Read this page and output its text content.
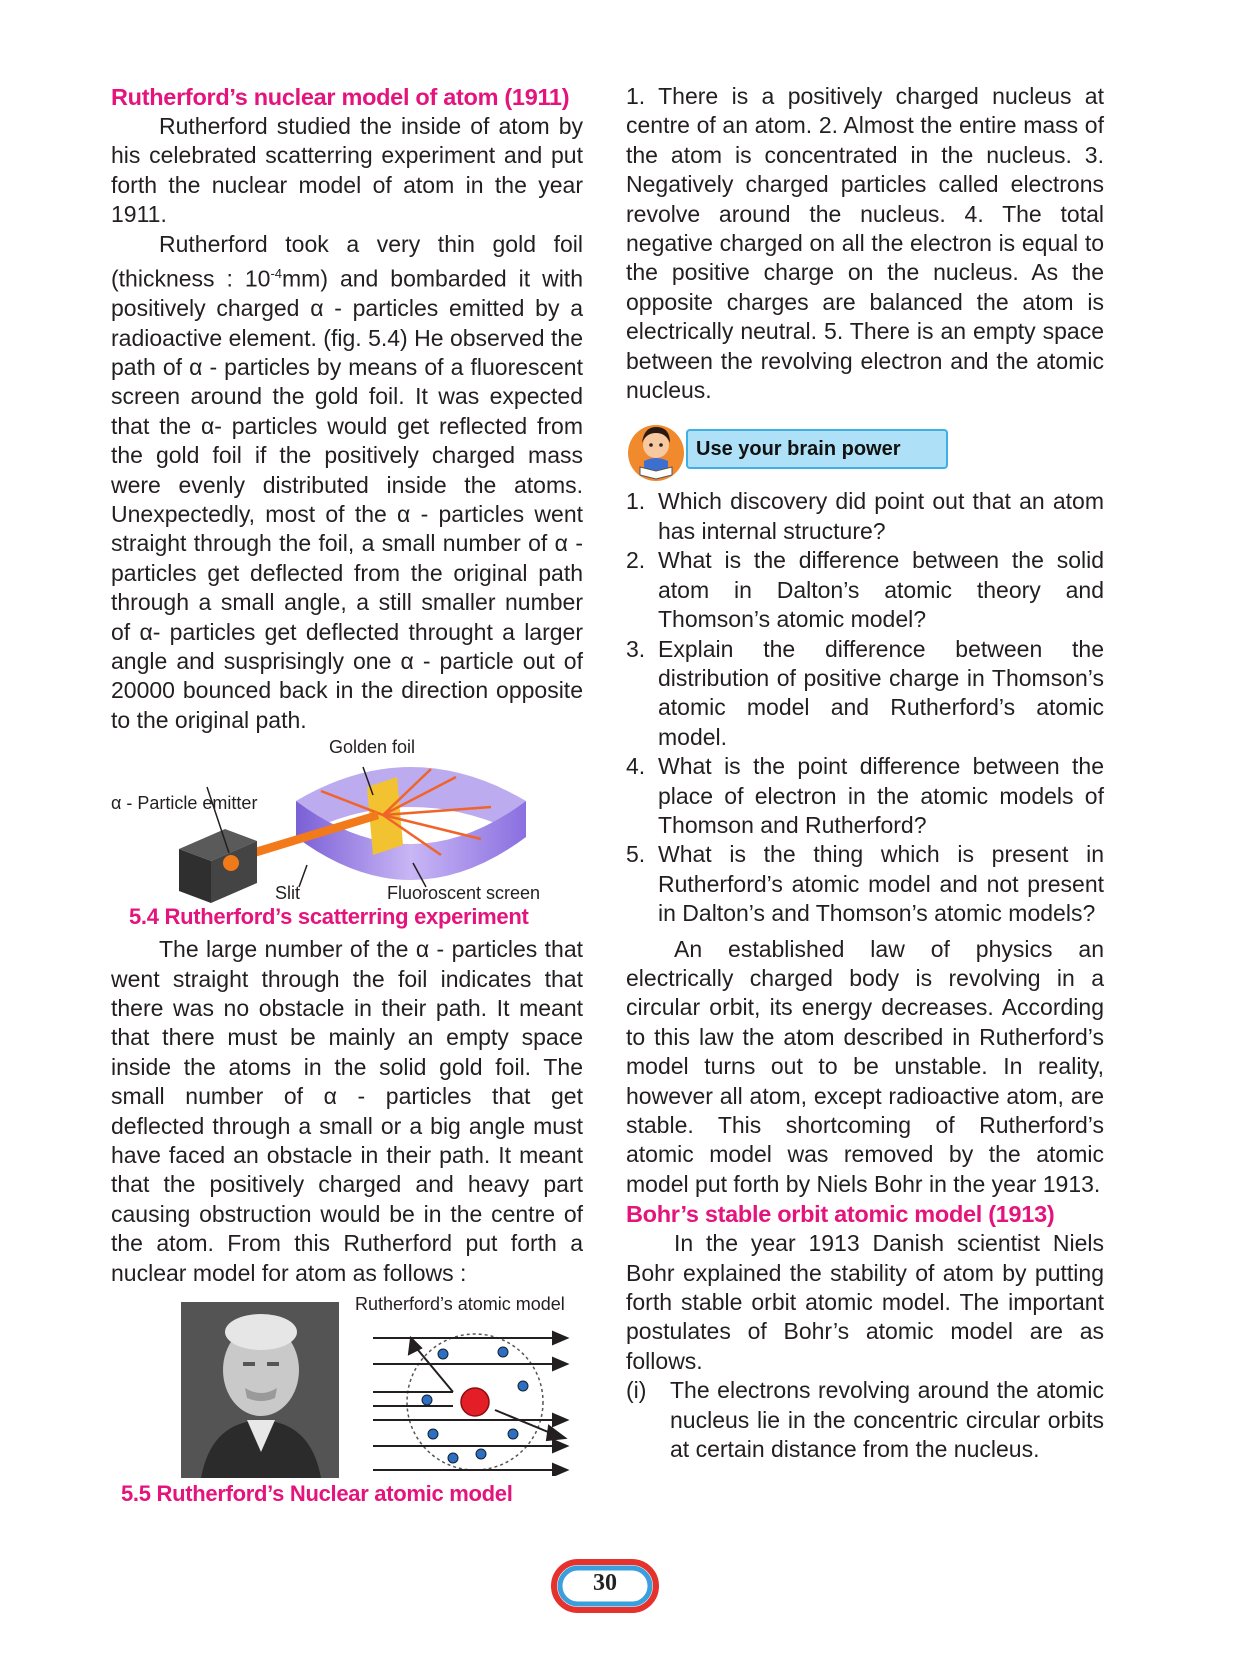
Rutherford’s nuclear model of atom (1911)

Rutherford studied the inside of atom by his celebrated scatterring experiment and put forth the nuclear model of atom in the year 1911.

Rutherford took a very thin gold foil (thickness : $10^{-4}mm$) and bombarded it with positively charged α - particles emitted by a radioactive element. (fig. 5.4) He observed the path of α - particles by means of a fluorescent screen around the gold foil. It was expected that the α- particles would get reflected from the gold foil if the positively charged mass were evenly distributed inside the atoms. Unexpectedly, most of the α - particles went straight through the foil, a small number of α - particles get deflected from the original path through a small angle, a still smaller number of α- particles get deflected throught a larger angle and susprisingly one α - particle out of 20000 bounced back in the direction opposite to the original path.

Golden foil
α - Particle emitter
Slit	Fluoroscent screen

5.4 Rutherford’s scatterring experiment

The large number of the α - particles that went straight through the foil indicates that there was no obstacle in their path. It meant that there must be mainly an empty space inside the atoms in the solid gold foil. The small number of α - particles that get deflected through a small or a big angle must have faced an obstacle in their path. It meant that the positively charged and heavy part causing obstruction would be in the centre of the atom. From this Rutherford put forth a nuclear model for atom as follows :

Rutherford’s atomic model

5.5 Rutherford’s Nuclear atomic model

1. There is a positively charged nucleus at centre of an atom. 2. Almost the entire mass of the atom is concentrated in the nucleus. 3. Negatively charged particles called electrons revolve around the nucleus. 4. The total negative charged on all the electron is equal to the positive charge on the nucleus. As the opposite charges are balanced the atom is electrically neutral. 5. There is an empty space between the revolving electron and the atomic nucleus.

Use your brain power
1. Which discovery did point out that an atom has internal structure?
2. What is the difference between the solid atom in Dalton’s atomic theory and Thomson’s atomic model?
3. Explain the difference between the distribution of positive charge in Thomson’s atomic model and Rutherford’s atomic model.
4. What is the point difference between the place of electron in the atomic models of Thomson and Rutherford?
5. What is the thing which is present in Rutherford’s atomic model and not present in Dalton’s and Thomson’s atomic models?

An established law of physics an electrically charged body is revolving in a circular orbit, its energy decreases. According to this law the atom described in Rutherford’s model turns out to be unstable. In reality, however all atom, except radioactive atom, are stable. This shortcoming of Rutherford’s atomic model was removed by the atomic model put forth by Niels Bohr in the year 1913.

Bohr’s stable orbit atomic model (1913)

In the year 1913 Danish scientist Niels Bohr explained the stability of atom by putting forth stable orbit atomic model. The important postulates of Bohr’s atomic model are as follows.

(i) The electrons revolving around the atomic nucleus lie in the concentric circular orbits at certain distance from the nucleus.
30
